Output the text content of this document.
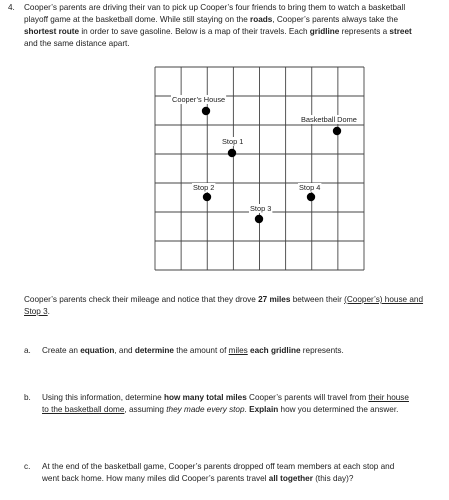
4. Cooper’s parents are driving their van to pick up Cooper’s four friends to bring them to watch a basketball playoff game at the basketball dome. While still staying on the roads, Cooper’s parents always take the shortest route in order to save gasoline. Below is a map of their travels. Each gridline represents a street and the same distance apart.

Cooper’s House
Basketball Dome
Stop 1
Stop 2
Stop 3
Stop 4

Cooper’s parents check their mileage and notice that they drove 27 miles between their (Cooper’s) house and Stop 3.

a. Create an equation, and determine the amount of miles each gridline represents.

b. Using this information, determine how many total miles Cooper’s parents will travel from their house to the basketball dome, assuming they made every stop. Explain how you determined the answer.

c. At the end of the basketball game, Cooper’s parents dropped off team members at each stop and went back home. How many miles did Cooper’s parents travel all together (this day)?
